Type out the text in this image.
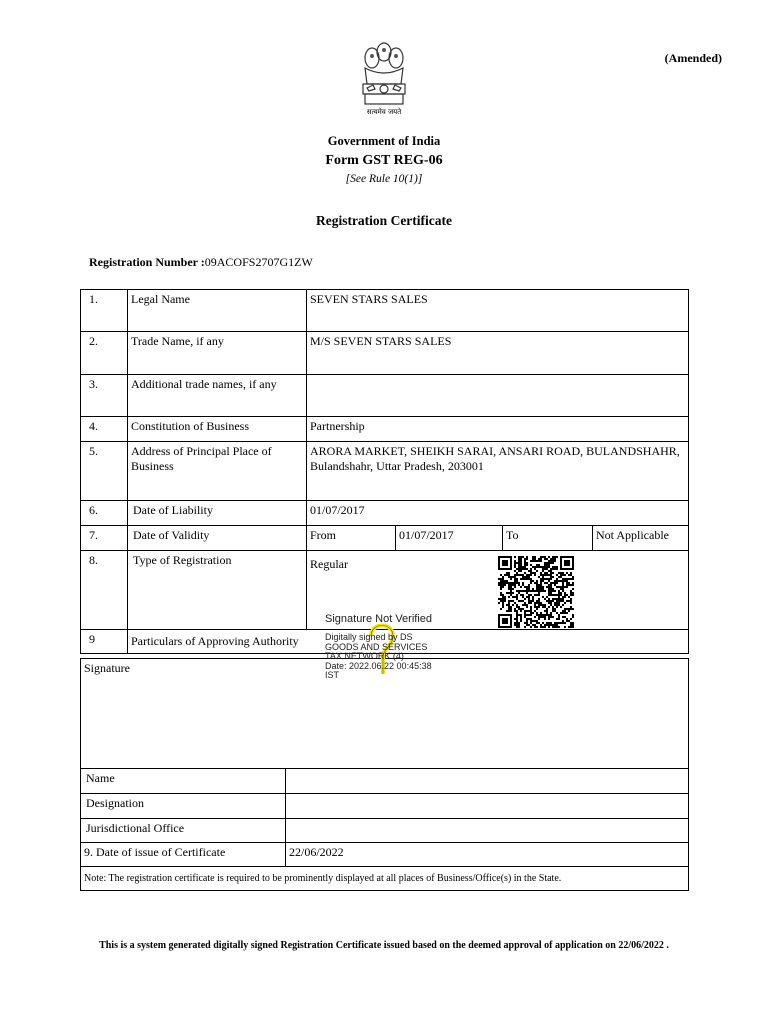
सत्यमेव जयते
(Amended)
Government of India
Form GST REG-06
[See Rule 10(1)]
Registration Certificate
Registration Number :09ACOFS2707G1ZW
1.	Legal Name	SEVEN STARS SALES			
2.	Trade Name, if any	M/S SEVEN STARS SALES			
3.	Additional trade names, if any				
4.	Constitution of Business	Partnership			
5.	Address of Principal Place of Business	ARORA MARKET, SHEIKH SARAI, ANSARI ROAD, BULANDSHAHR, Bulandshahr, Uttar Pradesh, 203001			
6.	Date of Liability	01/07/2017			
7.	Date of Validity	From	01/07/2017	To	Not Applicable
8.	Type of Registration	Regular			
9	Particulars of Approving Authority				
Signature	
Name	
Designation	
Jurisdictional Office	
9. Date of issue of Certificate	22/06/2022
Note: The registration certificate is required to be prominently displayed at all places of Business/Office(s) in the State.	
Signature Not Verified
Digitally signed by DS
GOODS AND SERVICES
TAX NETWORK (4)
Date: 2022.06.22 00:45:38
IST
This is a system generated digitally signed Registration Certificate issued based on the deemed approval of application on 22/06/2022 .
